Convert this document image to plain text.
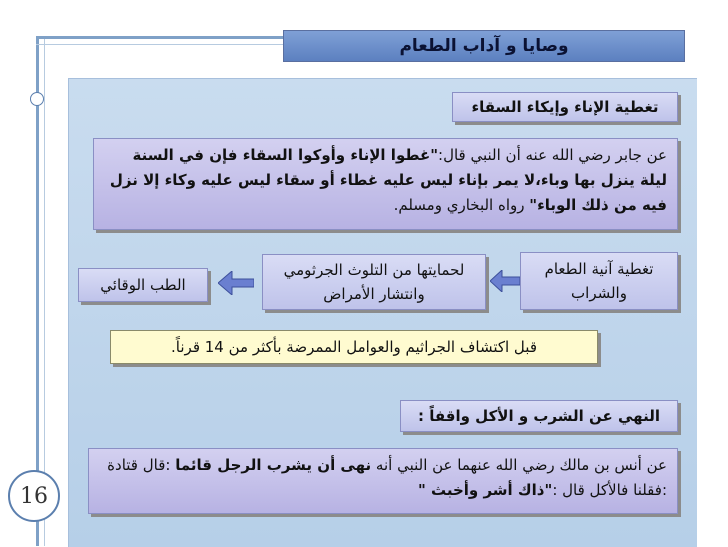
16
وصايا و آداب الطعام
تغطية الإناء وإيكاء السقاء
عن جابر رضي الله عنه أن النبي قال:"غطوا الإناء وأوكوا السقاء فإن في السنة ليلة ينزل بها وباء،لا يمر بإناء ليس عليه غطاء أو سقاء ليس عليه وكاء إلا نزل فيه من ذلك الوباء" رواه البخاري ومسلم.
تغطية آنية الطعام والشراب
لحمايتها من التلوث الجرثومي وانتشار الأمراض
الطب الوقائي
قبل اكتشاف الجراثيم والعوامل الممرضة بأكثر من 14 قرناً.
النهي عن الشرب و الأكل واقفاً :
عن أنس بن مالك رضي الله عنهما عن النبي أنه نهى أن يشرب الرجل قائما :قال قتادة :فقلنا فالأكل قال :"ذاك أشر وأخبث "
